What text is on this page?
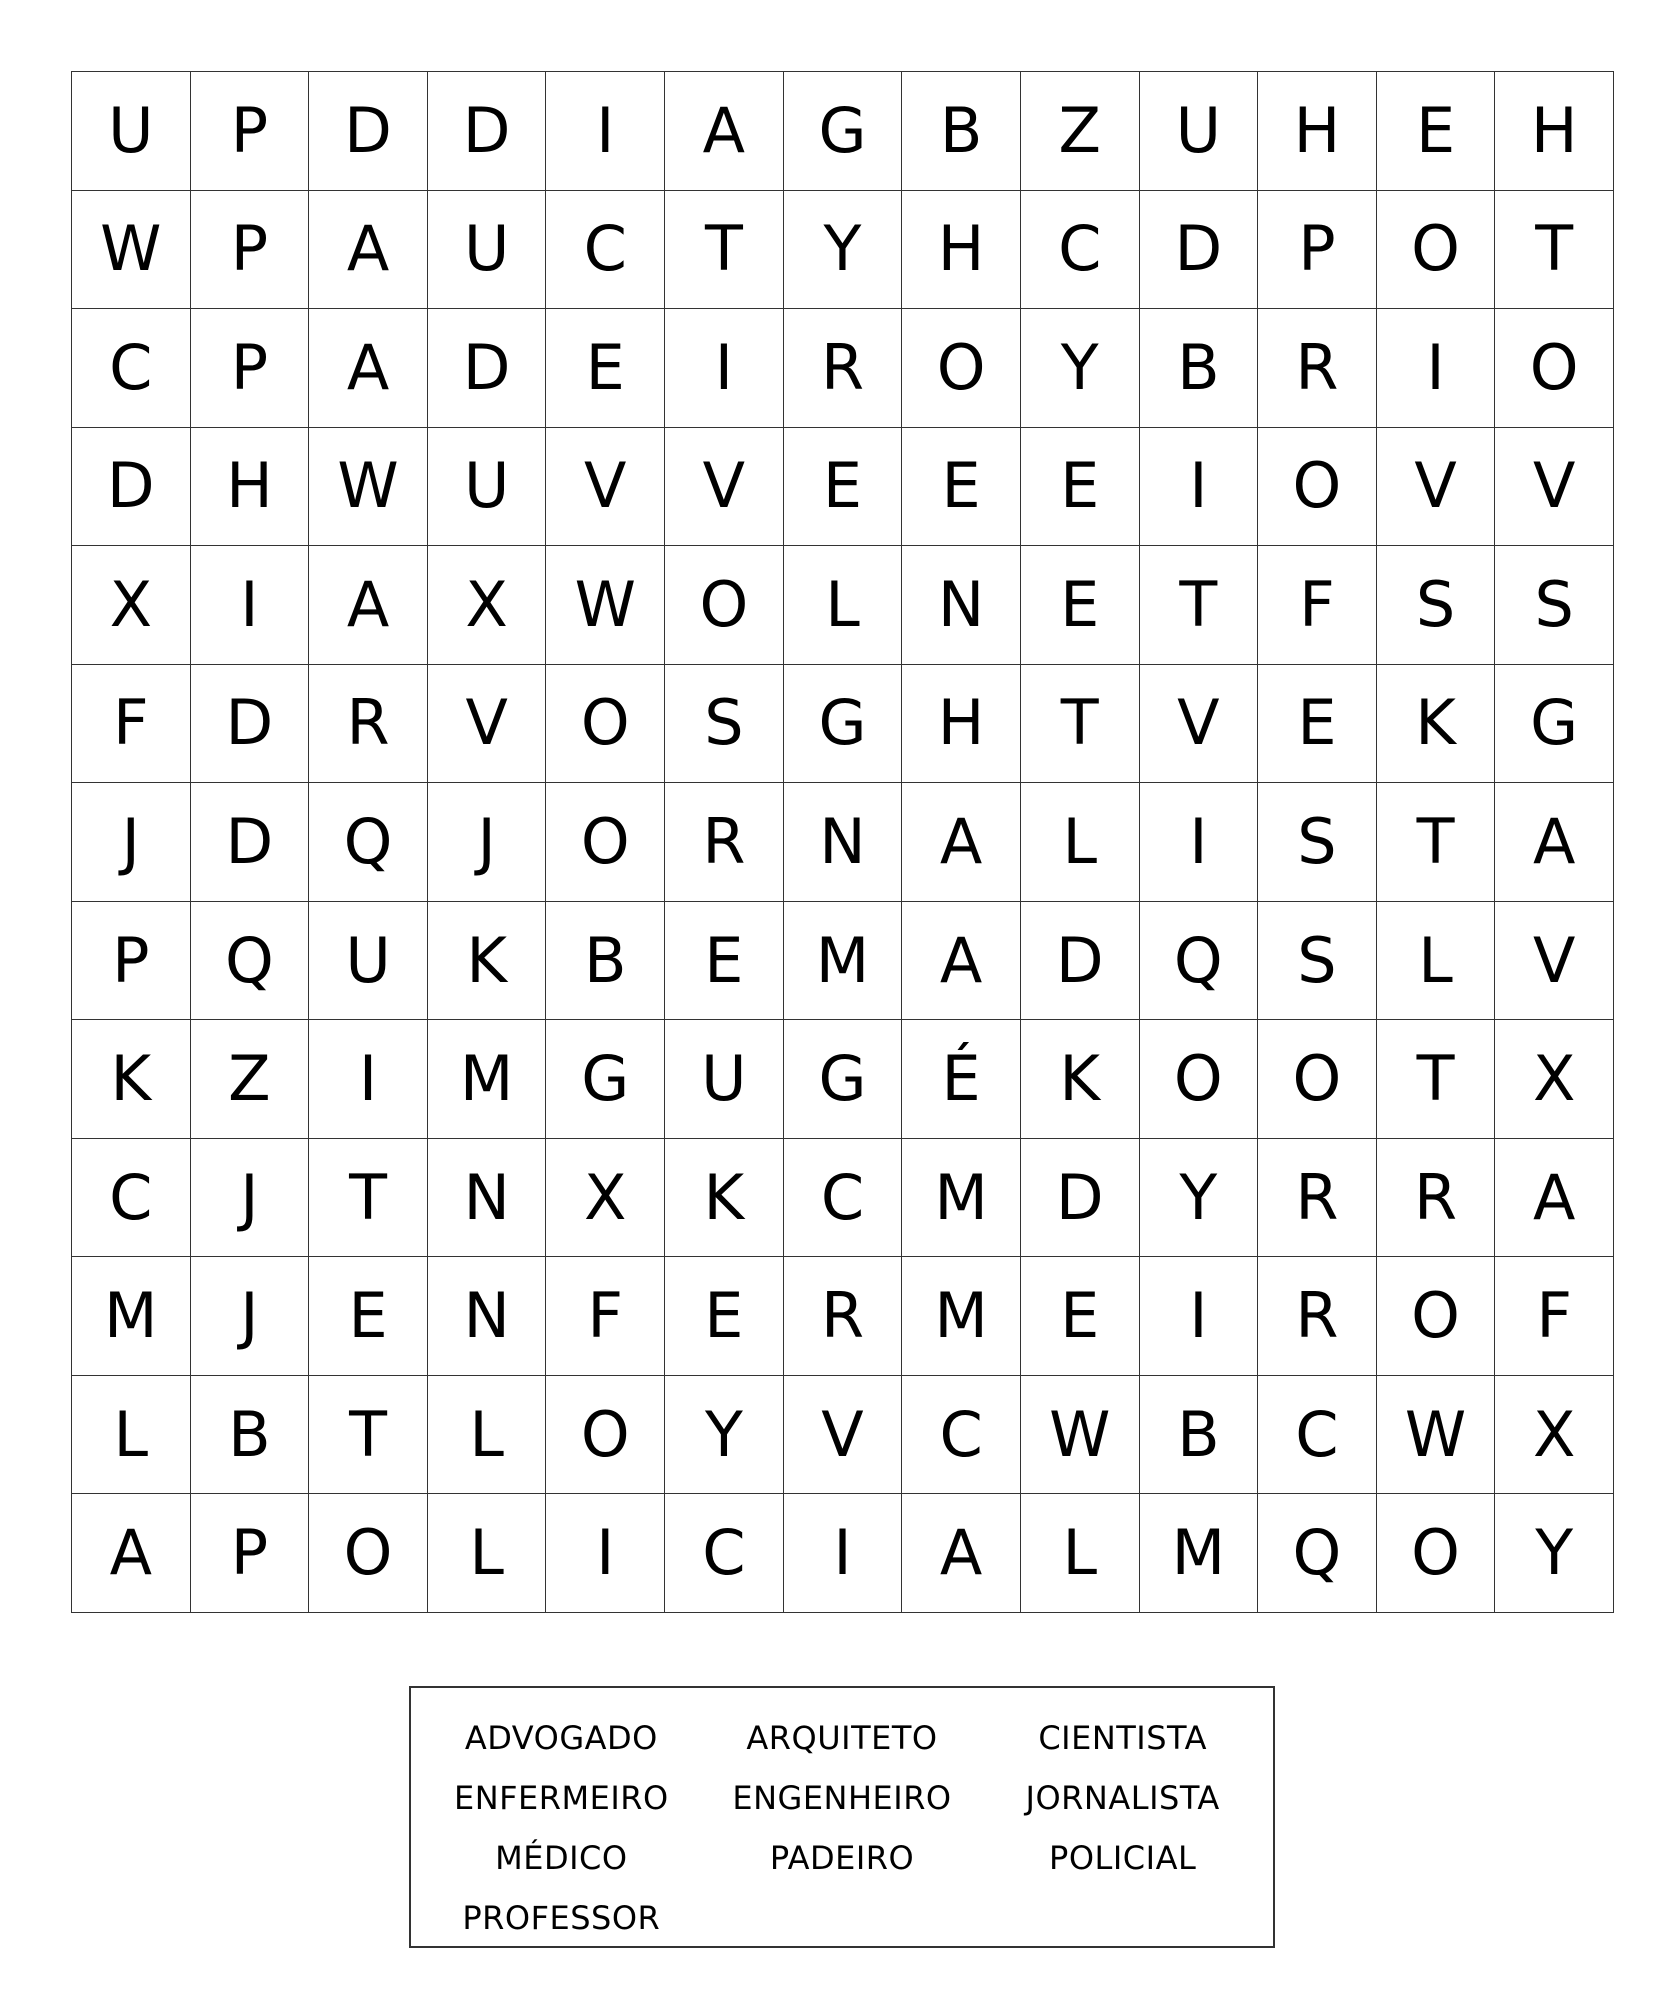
U	P	D	D	I	A	G	B	Z	U	H	E	H
W	P	A	U	C	T	Y	H	C	D	P	O	T
C	P	A	D	E	I	R	O	Y	B	R	I	O
D	H	W	U	V	V	E	E	E	I	O	V	V
X	I	A	X	W	O	L	N	E	T	F	S	S
F	D	R	V	O	S	G	H	T	V	E	K	G
J	D	Q	J	O	R	N	A	L	I	S	T	A
P	Q	U	K	B	E	M	A	D	Q	S	L	V
K	Z	I	M	G	U	G	É	K	O	O	T	X
C	J	T	N	X	K	C	M	D	Y	R	R	A
M	J	E	N	F	E	R	M	E	I	R	O	F
L	B	T	L	O	Y	V	C	W	B	C	W	X
A	P	O	L	I	C	I	A	L	M	Q	O	Y
ADVOGADO	ARQUITETO	CIENTISTA
ENFERMEIRO	ENGENHEIRO	JORNALISTA
MÉDICO	PADEIRO	POLICIAL
PROFESSOR
